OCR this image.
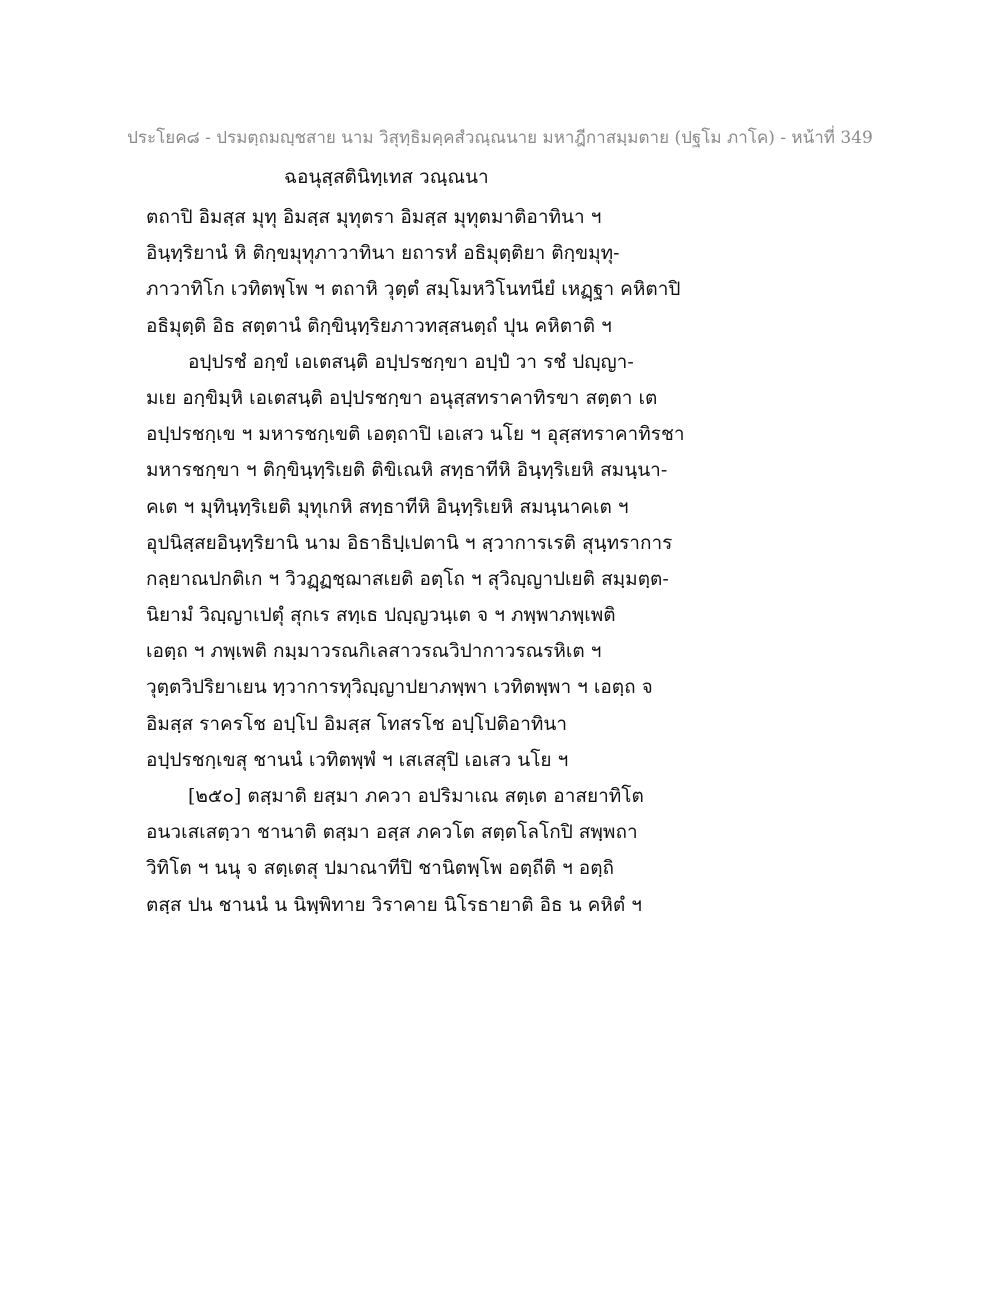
ประโยค๘ - ปรมตฺถมญฺชสาย นาม วิสุทฺธิมคฺคสํวณฺณนาย มหาฎีกาสมฺมตาย (ปฐโม ภาโค) - หน้าที่ 349

ฉอนุสฺสตินิทฺเทส วณฺณนา

ตถาปิ อิมสฺส มุทุ อิมสฺส มุทุตรา อิมสฺส มุทุตมาติอาทินา ฯ

อินฺทฺริยานํ หิ ติกฺขมุทุภาวาทินา ยถารหํ อธิมุตฺติยา ติกฺขมุทุ-

ภาวาทิโก เวทิตพฺโพ ฯ ตถาหิ วุตฺตํ สมฺโมหวิโนทนียํ เหฏฺฐา คหิตาปิ

อธิมุตฺติ อิธ สตฺตานํ ติกฺขินฺทฺริยภาวทสฺสนตฺถํ ปุน คหิตาติ ฯ

อปฺปรชํ อกฺขํ เอเตสนฺติ อปฺปรชกฺขา อปฺปํ วา รชํ ปญฺญา-

มเย อกฺขิมฺหิ เอเตสนฺติ อปฺปรชกฺขา อนุสฺสทราคาทิรขา สตฺตา เต

อปฺปรชกฺเข ฯ มหารชกฺเขติ เอตฺถาปิ เอเสว นโย ฯ อุสฺสทราคาทิรชา

มหารชกฺขา ฯ ติกฺขินฺทฺริเยติ ติขิเณหิ สทฺธาทีหิ อินฺทฺริเยหิ สมนฺนา-

คเต ฯ มุทินฺทฺริเยติ มุทุเกหิ สทฺธาทีหิ อินฺทฺริเยหิ สมนฺนาคเต ฯ

อุปนิสฺสยอินฺทฺริยานิ นาม อิธาธิปฺเปตานิ ฯ สฺวาการเรติ สุนฺทราการ

กลฺยาณปกติเก ฯ วิวฏฺฏชฺฌาสเยติ อตฺโถ ฯ สุวิญฺญาปเยติ สมฺมตฺต-

นิยามํ วิญฺญาเปตุํ สุกเร สทฺเธ ปญฺญวนฺเต จ ฯ ภพฺพาภพฺเพติ

เอตฺถ ฯ ภพฺเพติ กมฺมาวรณกิเลสาวรณวิปากาวรณรหิเต ฯ

วุตฺตวิปริยาเยน ทฺวาการทุวิญฺญาปยาภพฺพา เวทิตพฺพา ฯ เอตฺถ จ

อิมสฺส ราครโช อปฺโป อิมสฺส โทสรโช อปฺโปติอาทินา

อปฺปรชกฺเขสุ ชานนํ เวทิตพฺพํ ฯ เสเสสุปิ เอเสว นโย ฯ

[๒๕๐] ตสฺมาติ ยสฺมา ภควา อปริมาเณ สตฺเต อาสยาทิโต

อนวเสเสตฺวา ชานาติ ตสฺมา อสฺส ภควโต สตฺตโลโกปิ สพฺพถา

วิทิโต ฯ นนุ จ สตฺเตสุ ปมาณาทีปิ ชานิตพฺโพ อตฺถีติ ฯ อตฺถิ

ตสฺส ปน ชานนํ น นิพฺพิทาย วิราคาย นิโรธายาติ อิธ น คหิตํ ฯ
